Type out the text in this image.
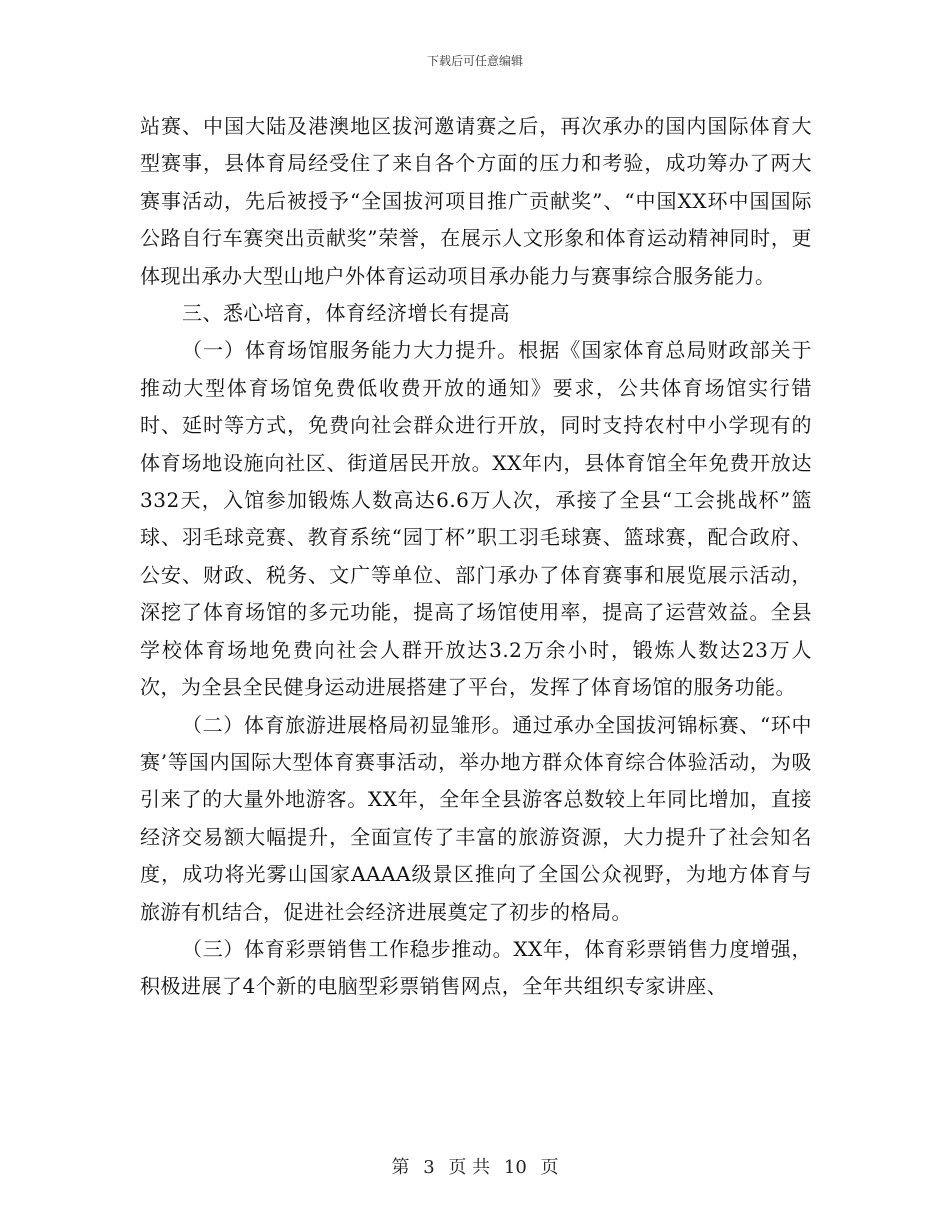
下载后可任意编辑

站赛、中国大陆及港澳地区拔河邀请赛之后，再次承办的国内国际体育大型赛事，县体育局经受住了来自各个方面的压力和考验，成功筹办了两大赛事活动，先后被授予“全国拔河项目推广贡献奖”、“中国XX环中国国际公路自行车赛突出贡献奖”荣誉，在展示人文形象和体育运动精神同时，更体现出承办大型山地户外体育运动项目承办能力与赛事综合服务能力。

三、悉心培育，体育经济增长有提高

（一）体育场馆服务能力大力提升。根据《国家体育总局财政部关于推动大型体育场馆免费低收费开放的通知》要求，公共体育场馆实行错时、延时等方式，免费向社会群众进行开放，同时支持农村中小学现有的体育场地设施向社区、街道居民开放。XX年内，县体育馆全年免费开放达332天，入馆参加锻炼人数高达6.6万人次，承接了全县“工会挑战杯”篮球、羽毛球竞赛、教育系统“园丁杯”职工羽毛球赛、篮球赛，配合政府、公安、财政、税务、文广等单位、部门承办了体育赛事和展览展示活动，深挖了体育场馆的多元功能，提高了场馆使用率，提高了运营效益。全县学校体育场地免费向社会人群开放达3.2万余小时，锻炼人数达23万人次，为全县全民健身运动进展搭建了平台，发挥了体育场馆的服务功能。

（二）体育旅游进展格局初显雏形。通过承办全国拔河锦标赛、“环中赛’等国内国际大型体育赛事活动，举办地方群众体育综合体验活动，为吸引来了的大量外地游客。XX年，全年全县游客总数较上年同比增加，直接经济交易额大幅提升，全面宣传了丰富的旅游资源，大力提升了社会知名度，成功将光雾山国家AAAA级景区推向了全国公众视野，为地方体育与旅游有机结合，促进社会经济进展奠定了初步的格局。

（三）体育彩票销售工作稳步推动。XX年，体育彩票销售力度增强，积极进展了4个新的电脑型彩票销售网点，全年共组织专家讲座、

第 3 页 共 10 页
